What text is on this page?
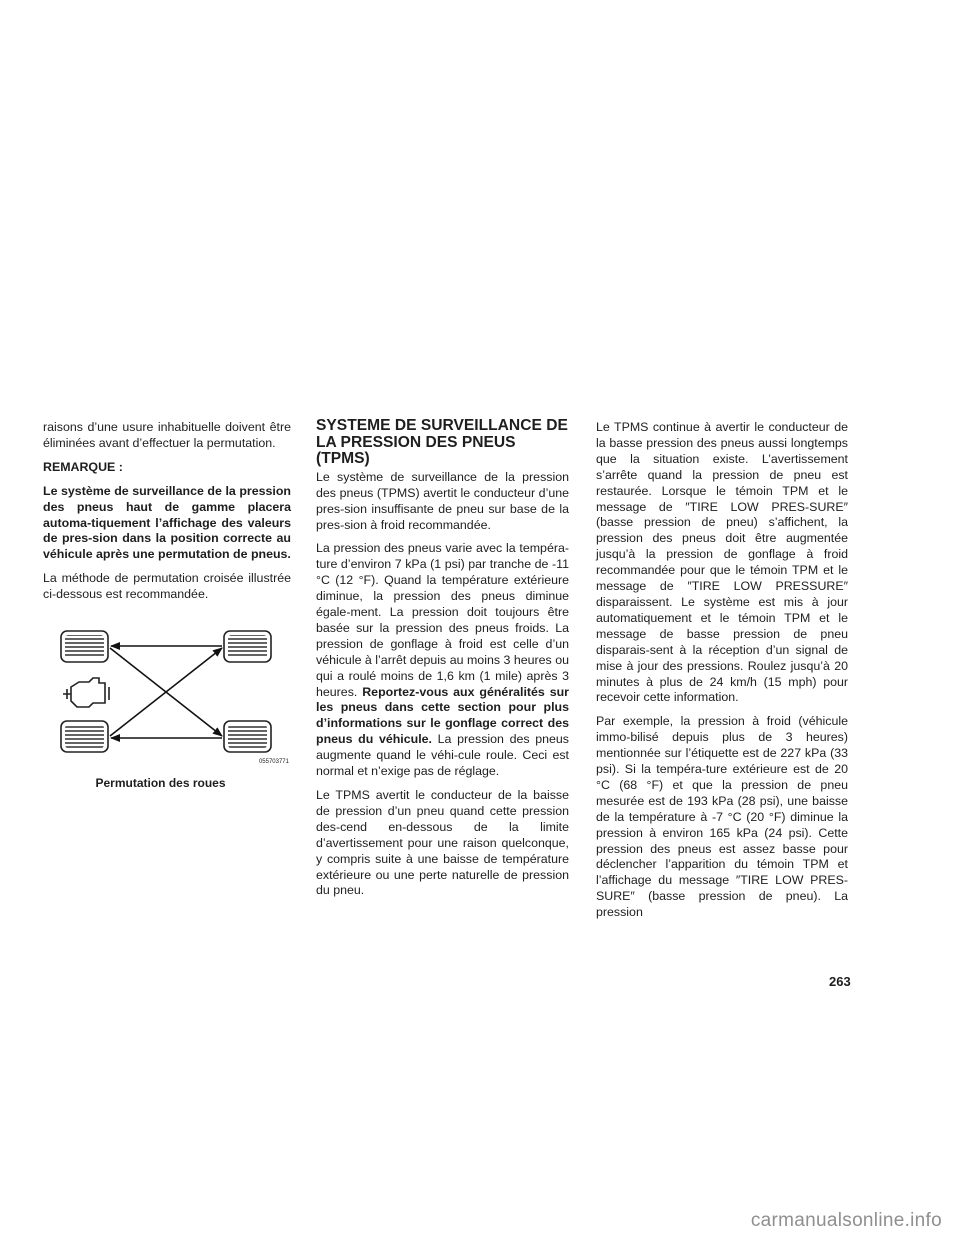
raisons d’une usure inhabituelle doivent être éliminées avant d’effectuer la permutation.

REMARQUE :

Le système de surveillance de la pression des pneus haut de gamme placera automa-tiquement l’affichage des valeurs de pres-sion dans la position correcte au véhicule après une permutation de pneus.

La méthode de permutation croisée illustrée ci-dessous est recommandée.

055703771
Permutation des roues

SYSTEME DE SURVEILLANCE DE LA PRESSION DES PNEUS (TPMS)

Le système de surveillance de la pression des pneus (TPMS) avertit le conducteur d’une pres-sion insuffisante de pneu sur base de la pres-sion à froid recommandée.

La pression des pneus varie avec la tempéra-ture d’environ 7 kPa (1 psi) par tranche de -11 °C (12 °F). Quand la température extérieure diminue, la pression des pneus diminue égale-ment. La pression doit toujours être basée sur la pression des pneus froids. La pression de gonflage à froid est celle d’un véhicule à l’arrêt depuis au moins 3 heures ou qui a roulé moins de 1,6 km (1 mile) après 3 heures. Reportez-vous aux généralités sur les pneus dans cette section pour plus d’informations sur le gonflage correct des pneus du véhicule. La pression des pneus augmente quand le véhi-cule roule. Ceci est normal et n’exige pas de réglage.

Le TPMS avertit le conducteur de la baisse de pression d’un pneu quand cette pression des-cend en-dessous de la limite d’avertissement pour une raison quelconque, y compris suite à une baisse de température extérieure ou une perte naturelle de pression du pneu.

Le TPMS continue à avertir le conducteur de la basse pression des pneus aussi longtemps que la situation existe. L’avertissement s’arrête quand la pression de pneu est restaurée. Lorsque le témoin TPM et le message de ″TIRE LOW PRES-SURE″ (basse pression de pneu) s’affichent, la pression des pneus doit être augmentée jusqu’à la pression de gonflage à froid recommandée pour que le témoin TPM et le message de ″TIRE LOW PRESSURE″ disparaissent. Le système est mis à jour automatiquement et le témoin TPM et le message de basse pression de pneu disparais-sent à la réception d’un signal de mise à jour des pressions. Roulez jusqu’à 20 minutes à plus de 24 km/h (15 mph) pour recevoir cette information.

Par exemple, la pression à froid (véhicule immo-bilisé depuis plus de 3 heures) mentionnée sur l’étiquette est de 227 kPa (33 psi). Si la tempéra-ture extérieure est de 20 °C (68 °F) et que la pression de pneu mesurée est de 193 kPa (28 psi), une baisse de la température à -7 °C (20 °F) diminue la pression à environ 165 kPa (24 psi). Cette pression des pneus est assez basse pour déclencher l’apparition du témoin TPM et l’affichage du message ″TIRE LOW PRES-SURE″ (basse pression de pneu). La pression

263
carmanualsonline.info
